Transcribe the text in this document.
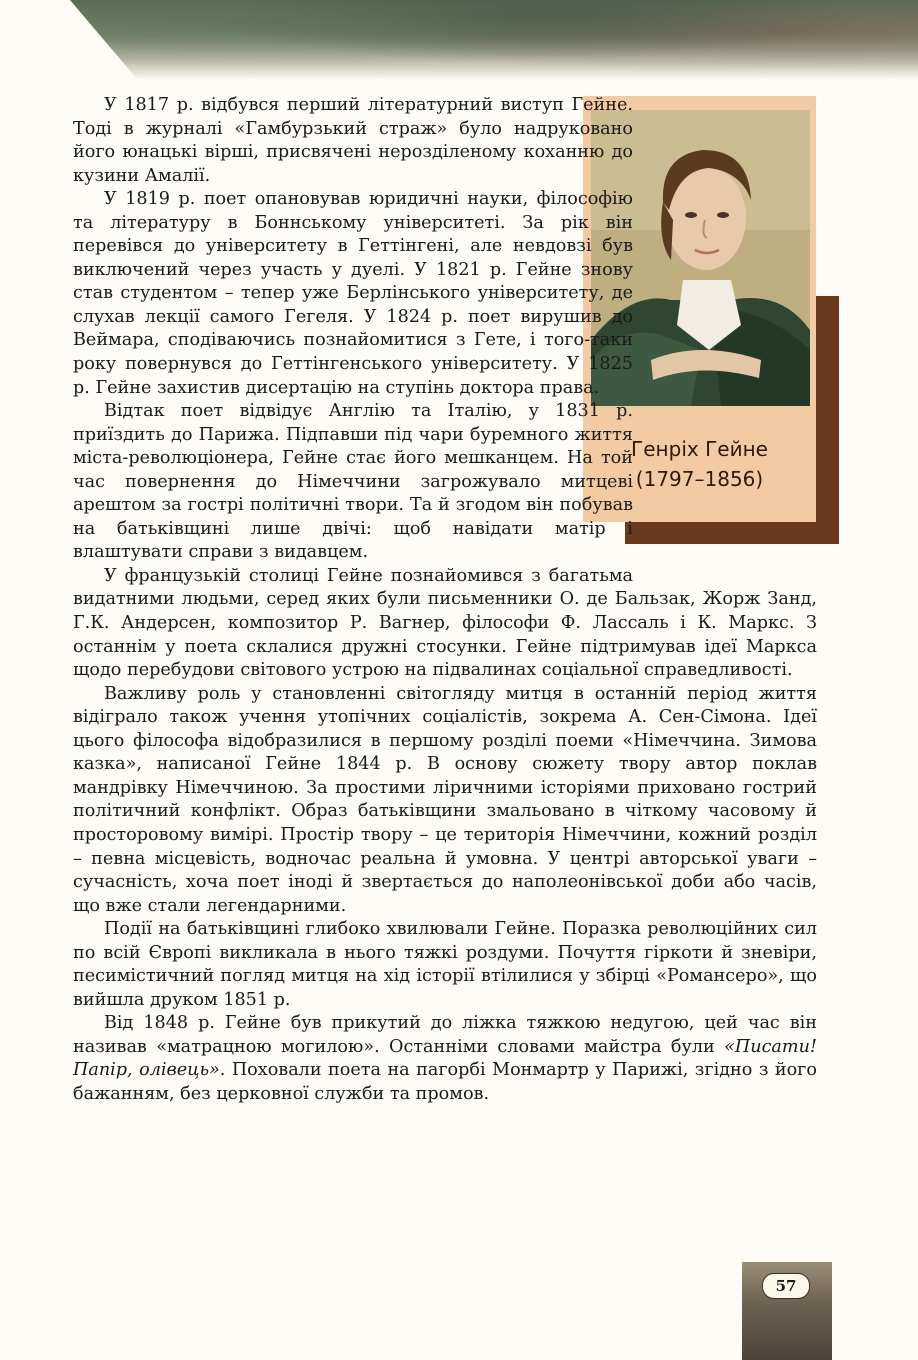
Генріх Гейне
(1797–1856)

У 1817 р. відбувся перший літературний виступ Гейне. Тоді в журналі «Гамбурзький страж» було надруковано його юнацькі вірші, присвячені нерозділеному коханню до кузини Амалії.

У 1819 р. поет опановував юридичні науки, філософію та літературу в Боннському університеті. За рік він перевівся до університету в Геттінгені, але невдовзі був виключений через участь у дуелі. У 1821 р. Гейне знову став студентом – тепер уже Берлінського університету, де слухав лекції самого Гегеля. У 1824 р. поет вирушив до Веймара, сподіваючись познайомитися з Гете, і того-таки року повернувся до Геттінгенського університету. У 1825 р. Гейне захистив дисертацію на ступінь доктора права.

Відтак поет відвідує Англію та Італію, у 1831 р. приїздить до Парижа. Підпавши під чари буремного життя міста-революціонера, Гейне стає його мешканцем. На той час повернення до Німеччини загрожувало митцеві арештом за гострі політичні твори. Та й згодом він побував на батьківщині лише двічі: щоб навідати матір і влаштувати справи з видавцем.

У французькій столиці Гейне познайомився з багатьма видатними людьми, серед яких були письменники О. де Бальзак, Жорж Занд, Г.К. Андерсен, композитор Р. Вагнер, філософи Ф. Лассаль і К. Маркс. З останнім у поета склалися дружні стосунки. Гейне підтримував ідеї Маркса щодо перебудови світового устрою на підвалинах соціальної справедливості.

Важливу роль у становленні світогляду митця в останній період життя відіграло також учення утопічних соціалістів, зокрема А. Сен-Сімона. Ідеї цього філософа відобразилися в першому розділі поеми «Німеччина. Зимова казка», написаної Гейне 1844 р. В основу сюжету твору автор поклав мандрівку Німеччиною. За простими ліричними історіями приховано гострий політичний конфлікт. Образ батьківщини змальовано в чіткому часовому й просторовому вимірі. Простір твору – це територія Німеччини, кожний розділ – певна місцевість, водночас реальна й умовна. У центрі авторської уваги – сучасність, хоча поет іноді й звертається до наполеонівської доби або часів, що вже стали легендарними.

Події на батьківщині глибоко хвилювали Гейне. Поразка революційних сил по всій Європі викликала в нього тяжкі роздуми. Почуття гіркоти й зневіри, песимістичний погляд митця на хід історії втілилися у збірці «Романсеро», що вийшла друком 1851 р.

Від 1848 р. Гейне був прикутий до ліжка тяжкою недугою, цей час він називав «матрацною могилою». Останніми словами майстра були «Писати! Папір, олівець». Поховали поета на пагорбі Монмартр у Парижі, згідно з його бажанням, без церковної служби та промов.

57
